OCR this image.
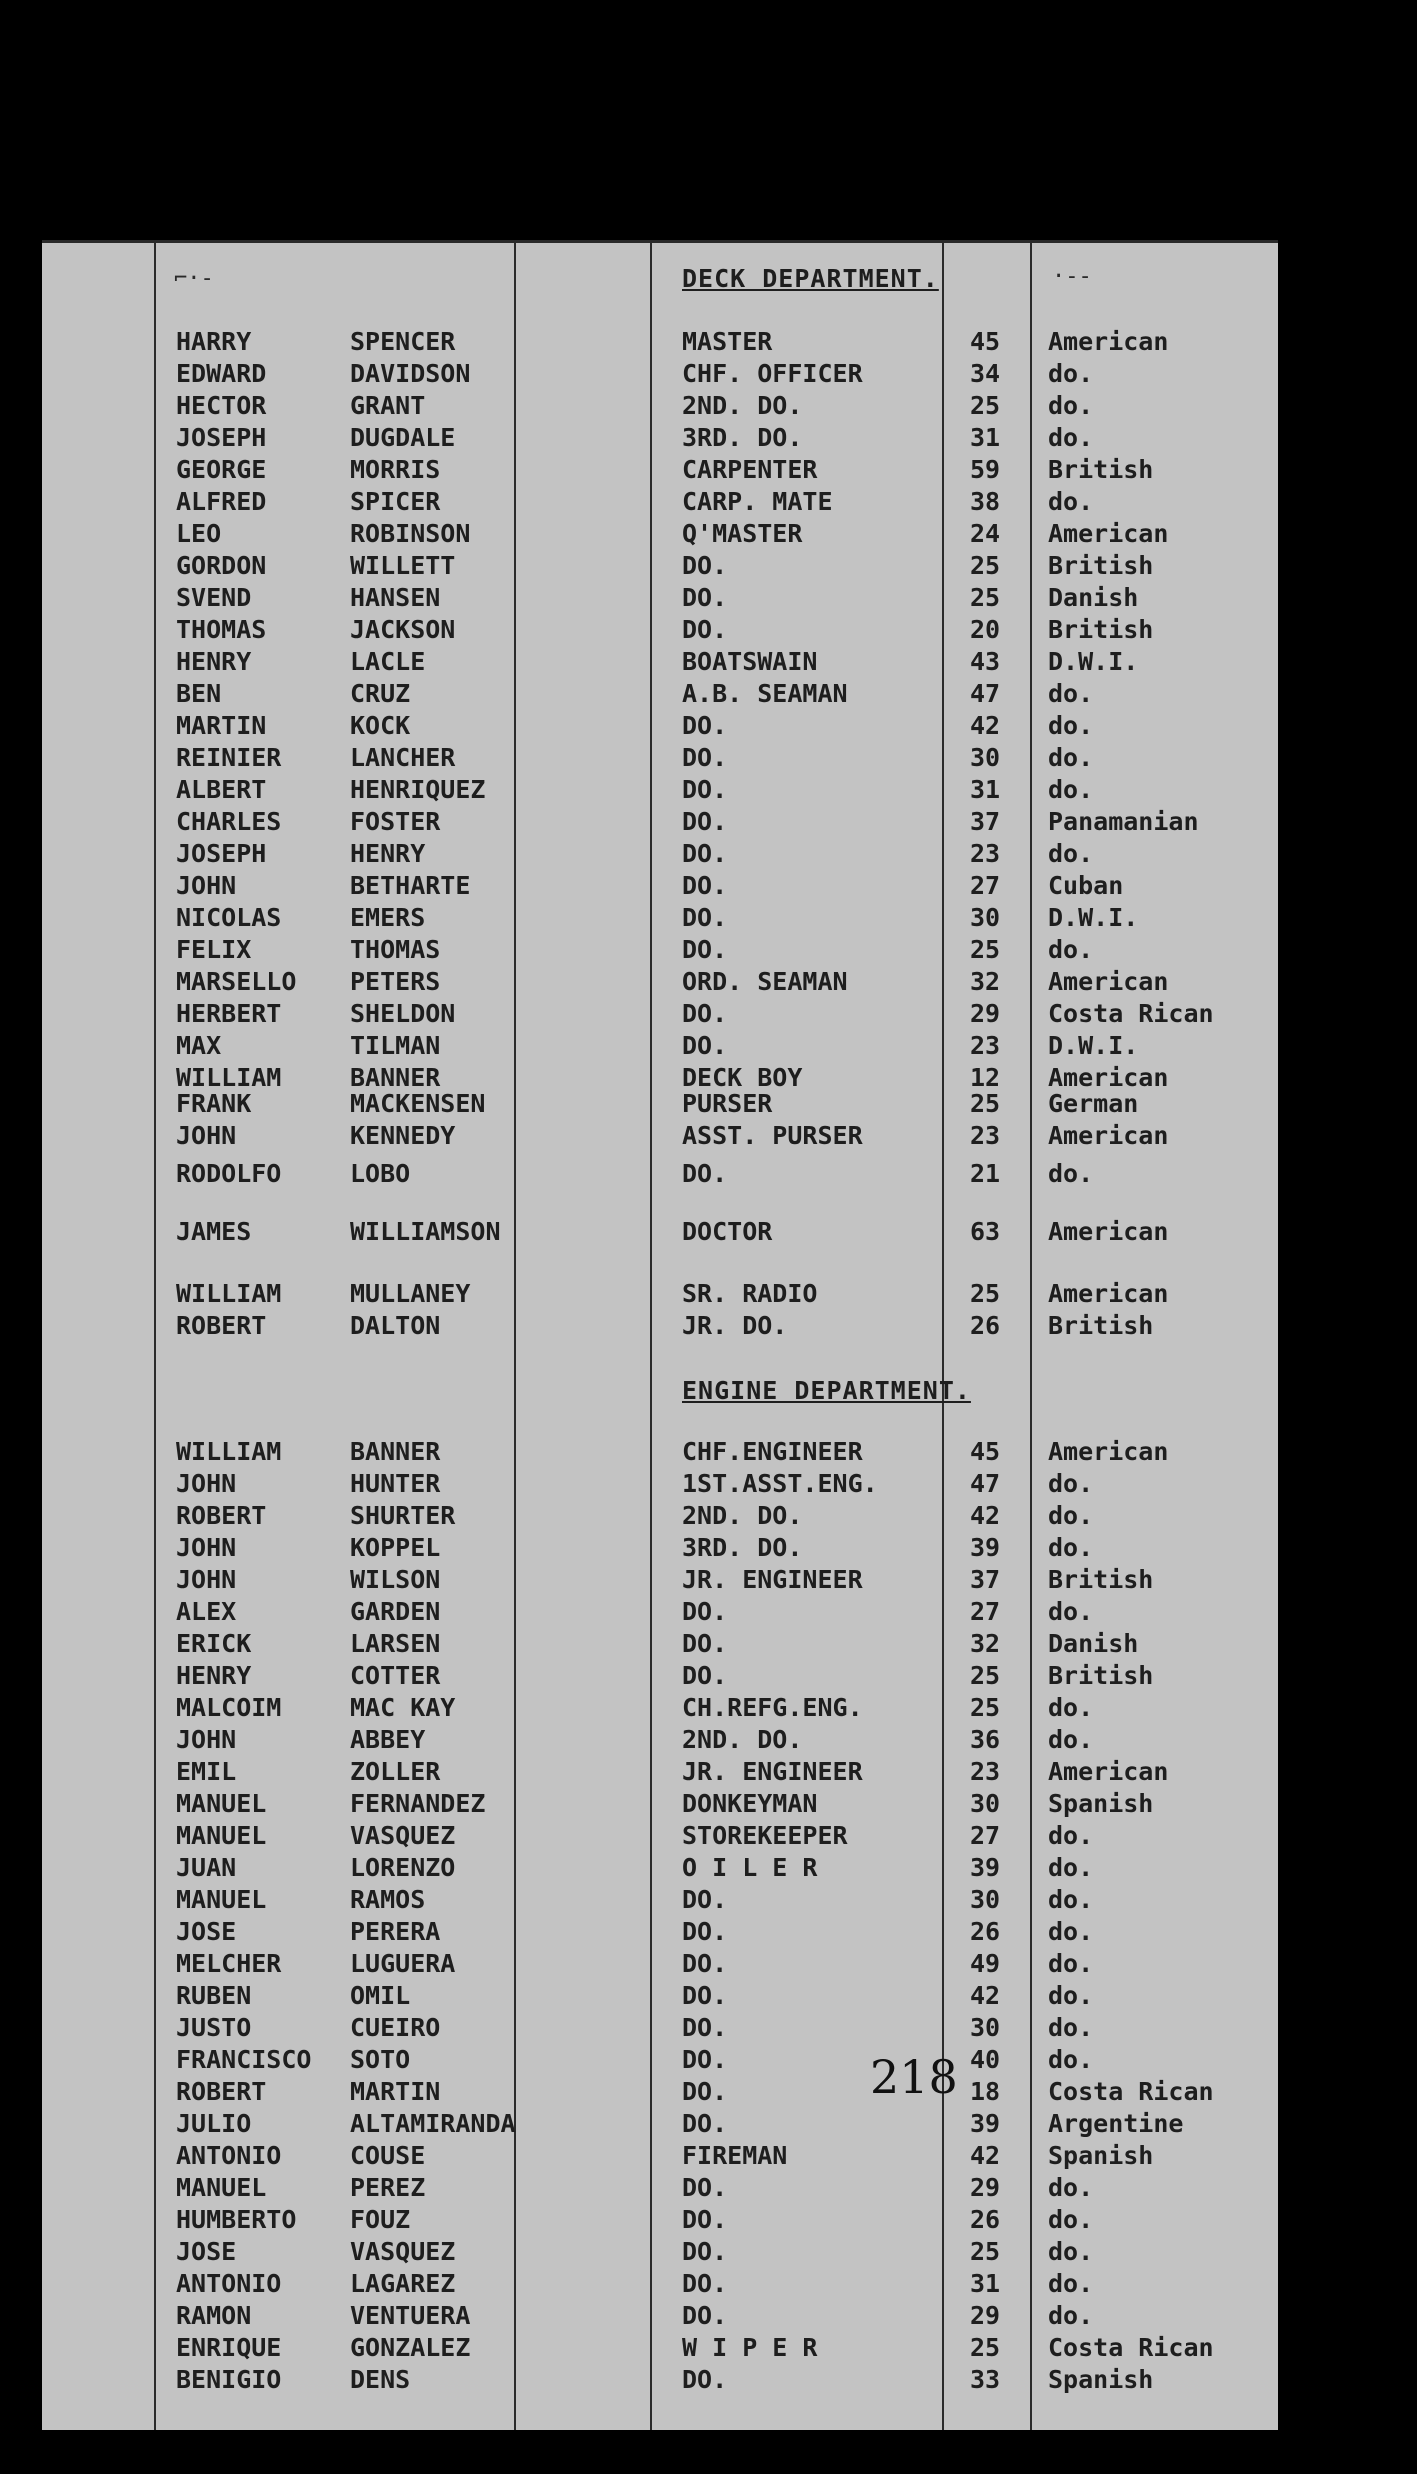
⌐·-	·-‐
DECK DEPARTMENT.
HARRY	SPENCER	MASTER	45 American
EDWARD	DAVIDSON	CHF. OFFICER	34 do.
HECTOR	GRANT	2ND. DO.	25 do.
JOSEPH	DUGDALE	3RD. DO.	31 do.
GEORGE	MORRIS	CARPENTER	59 British
ALFRED	SPICER	CARP. MATE	38 do.
LEO	ROBINSON	Q'MASTER	24 American
GORDON	WILLETT	DO.	25 British
SVEND	HANSEN	DO.	25 Danish
THOMAS	JACKSON	DO.	20 British
HENRY	LACLE	BOATSWAIN	43 D.W.I.
BEN	CRUZ	A.B. SEAMAN	47 do.
MARTIN	KOCK	DO.	42 do.
REINIER	LANCHER	DO.	30 do.
ALBERT	HENRIQUEZ	DO.	31 do.
CHARLES	FOSTER	DO.	37 Panamanian
JOSEPH	HENRY	DO.	23 do.
JOHN	BETHARTE	DO.	27 Cuban
NICOLAS	EMERS	DO.	30 D.W.I.
FELIX	THOMAS	DO.	25 do.
MARSELLO PETERS	ORD. SEAMAN	32 American
HERBERT	SHELDON	DO.	29 Costa Rican
MAX	TILMAN	DO.	23 D.W.I.
WILLIAM	BANNER	DECK BOY	12 American
FRANK	MACKENSEN	PURSER	25 German
JOHN	KENNEDY	ASST. PURSER	23 American
RODOLFO	LOBO	DO.	21 do.
JAMES	WILLIAMSON	DOCTOR	63 American
WILLIAM	MULLANEY	SR. RADIO	25 American
ROBERT	DALTON	JR. DO.	26 British
ENGINE DEPARTMENT.
WILLIAM	BANNER	CHF.ENGINEER	45 American
JOHN	HUNTER	1ST.ASST.ENG.	47 do.
ROBERT	SHURTER	2ND. DO.	42 do.
JOHN	KOPPEL	3RD. DO.	39 do.
JOHN	WILSON	JR. ENGINEER	37 British
ALEX	GARDEN	DO.	27 do.
ERICK	LARSEN	DO.	32 Danish
HENRY	COTTER	DO.	25 British
MALCOIM	MAC KAY	CH.REFG.ENG.	25 do.
JOHN	ABBEY	2ND. DO.	36 do.
EMIL	ZOLLER	JR. ENGINEER	23 American
MANUEL	FERNANDEZ	DONKEYMAN	30 Spanish
MANUEL	VASQUEZ	STOREKEEPER	27 do.
JUAN	LORENZO	O I L E R	39 do.
MANUEL	RAMOS	DO.	30 do.
JOSE	PERERA	DO.	26 do.
MELCHER	LUGUERA	DO.	49 do.
RUBEN	OMIL	DO.	42 do.
JUSTO	CUEIRO	DO.	30 do.
FRANCISCO SOTO	DO.	40 do.
ROBERT	MARTIN	DO.	18 Costa Rican
JULIO	ALTAMIRANDA	DO.	39 Argentine
ANTONIO	COUSE	FIREMAN	42 Spanish
MANUEL	PEREZ	DO.	29 do.
HUMBERTO FOUZ	DO.	26 do.
JOSE	VASQUEZ	DO.	25 do.
ANTONIO	LAGAREZ	DO.	31 do.
RAMON	VENTUERA	DO.	29 do.
ENRIQUE	GONZALEZ	W I P E R	25 Costa Rican
BENIGIO	DENS	DO.	33 Spanish
218
